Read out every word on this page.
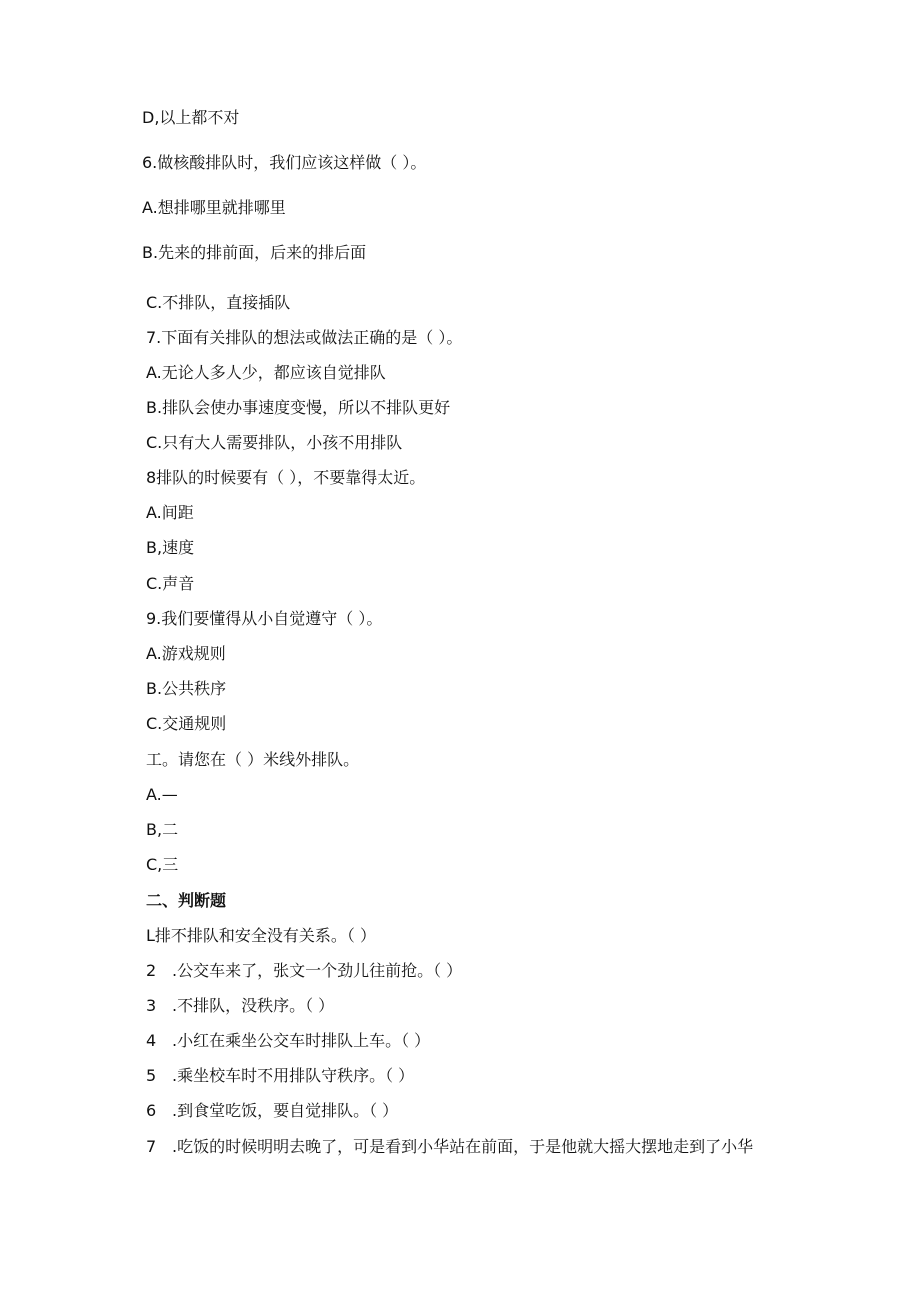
D,以上都不对
6.做核酸排队时，我们应该这样做（ ）。
A.想排哪里就排哪里
B.先来的排前面，后来的排后面
C.不排队，直接插队
7.下面有关排队的想法或做法正确的是（ ）。
A.无论人多人少，都应该自觉排队
B.排队会使办事速度变慢，所以不排队更好
C.只有大人需要排队，小孩不用排队
8排队的时候要有（ ），不要靠得太近。
A.间距
B,速度
C.声音
9.我们要懂得从小自觉遵守（ ）。
A.游戏规则
B.公共秩序
C.交通规则
工。请您在（ ）米线外排队。
A.—
B,二
C,三
二、判断题
L排不排队和安全没有关系。（ ）
2 .公交车来了，张文一个劲儿往前抢。（ ）
3 .不排队，没秩序。（ ）
4 .小红在乘坐公交车时排队上车。（ ）
5 .乘坐校车时不用排队守秩序。（ ）
6 .到食堂吃饭，要自觉排队。（ ）
7 .吃饭的时候明明去晚了，可是看到小华站在前面，于是他就大摇大摆地走到了小华
